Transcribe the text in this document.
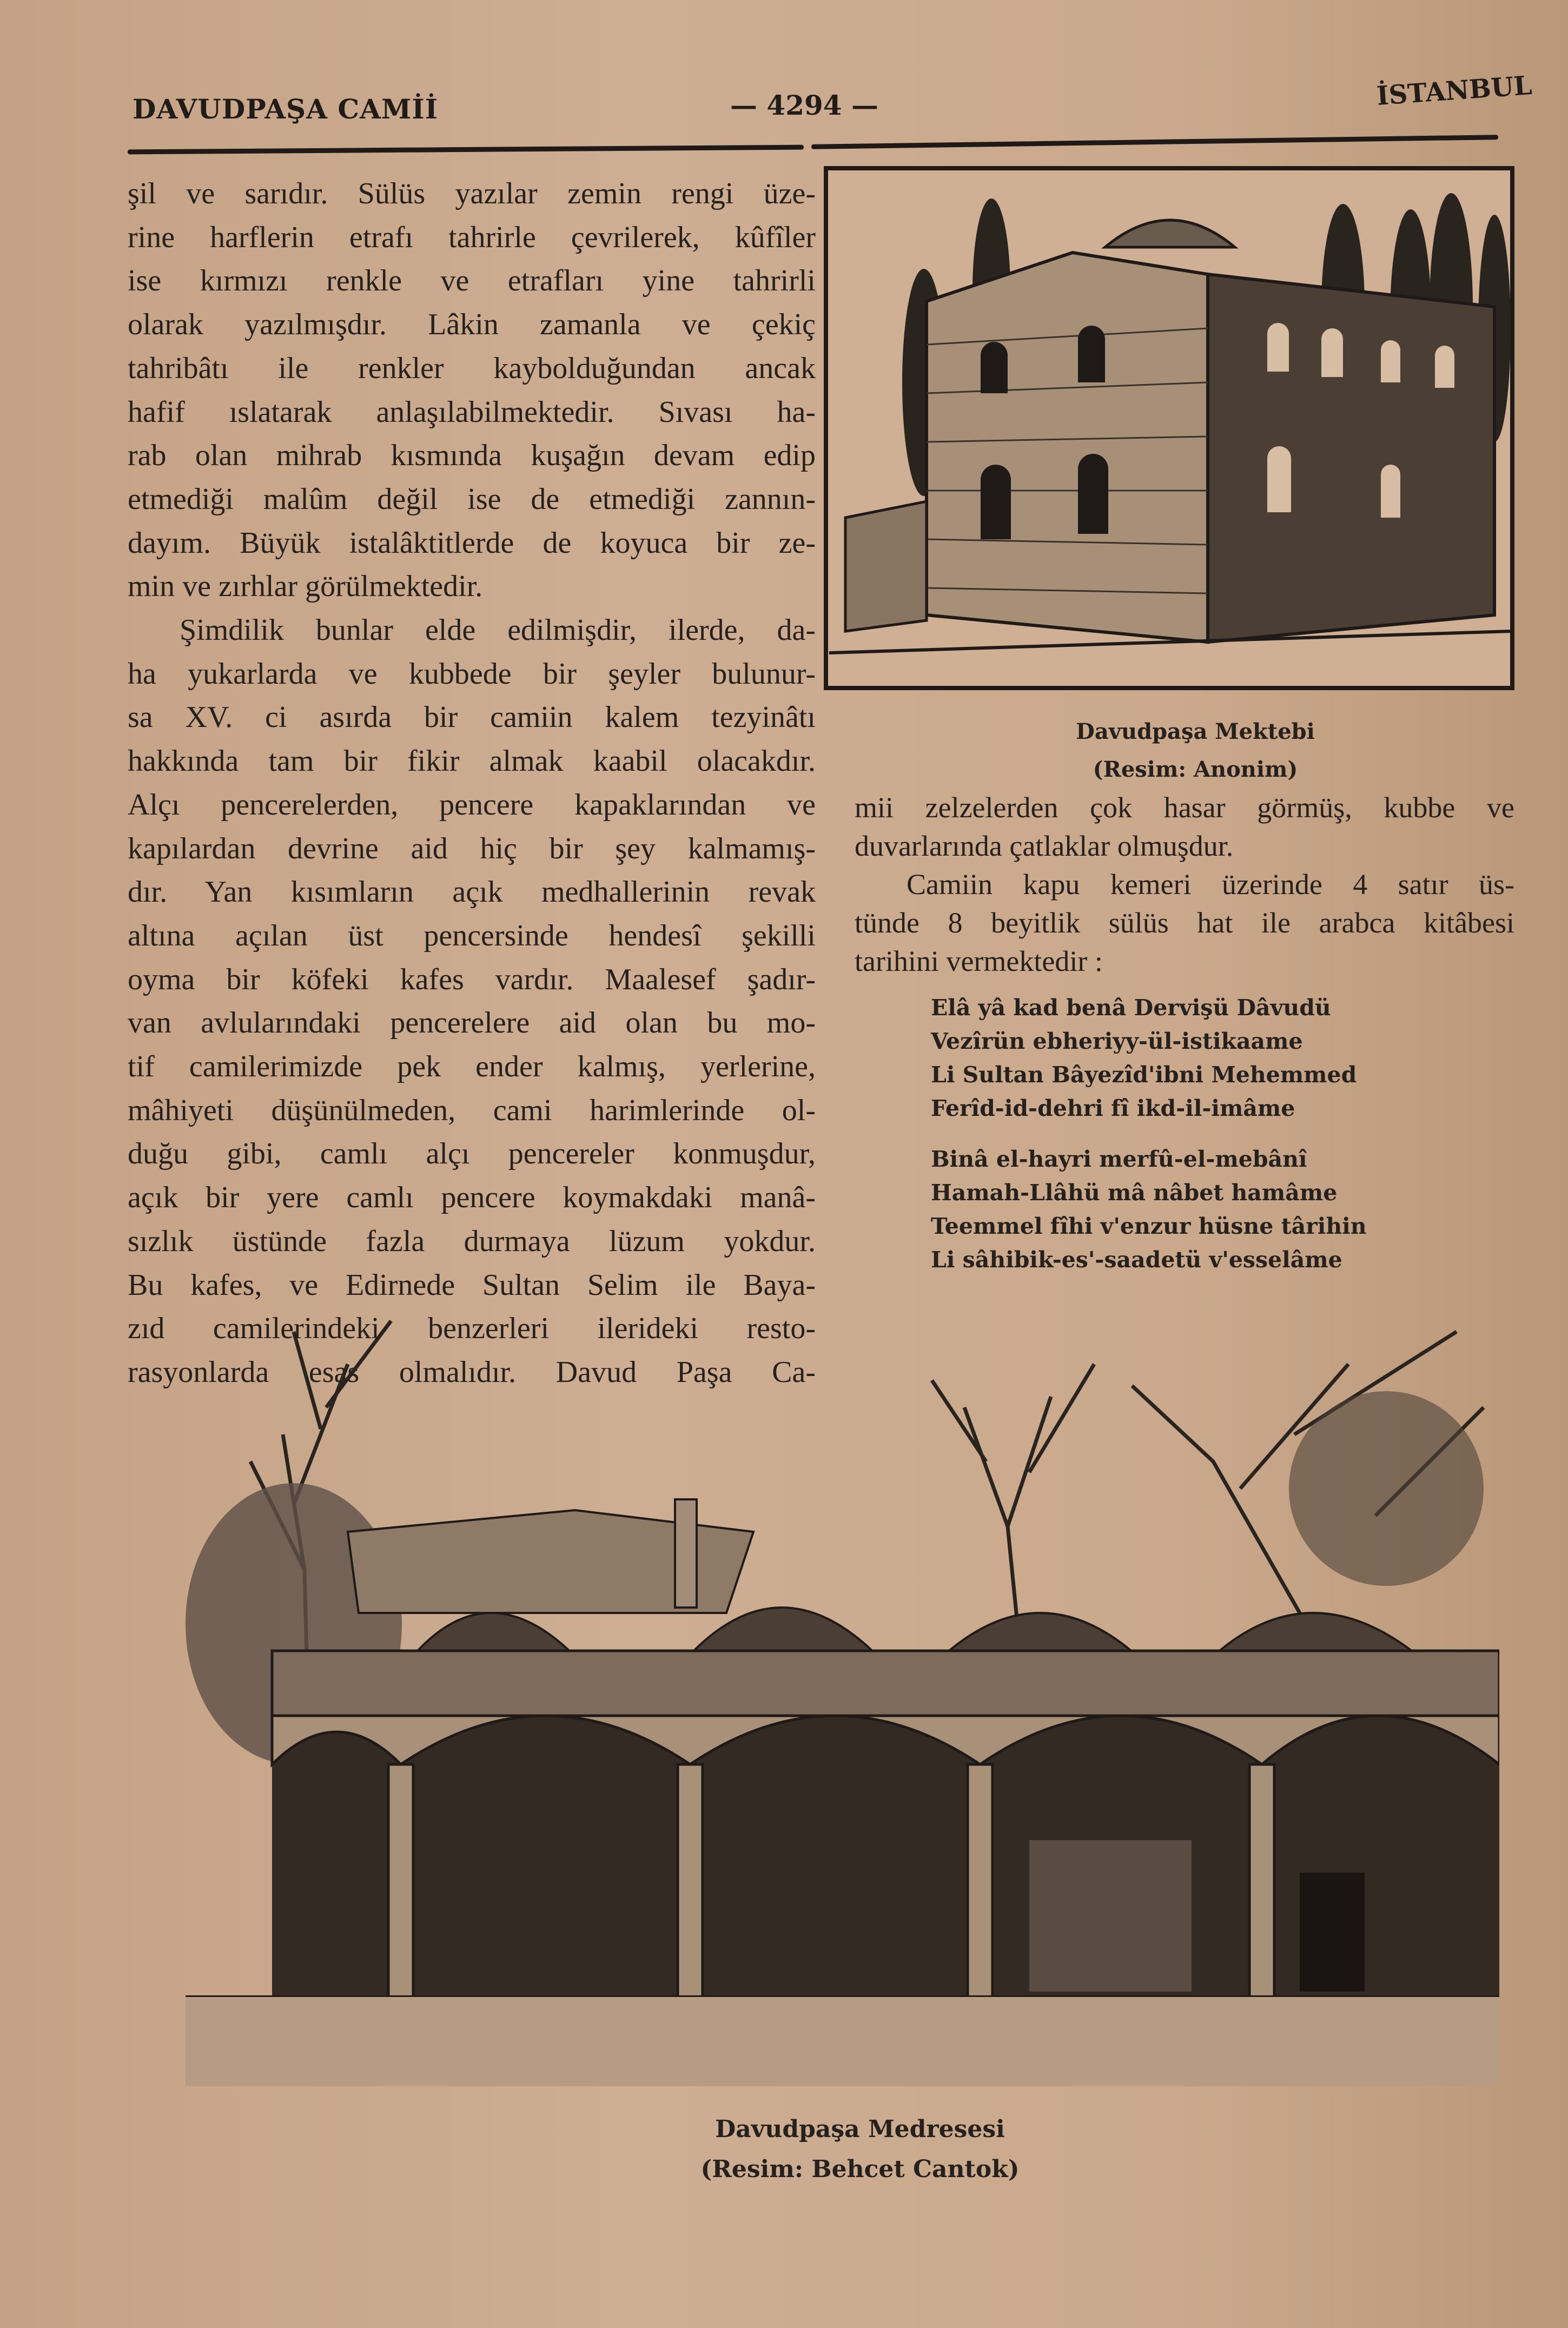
DAVUDPAŞA CAMİİ	— 4294 —	İSTANBUL
şil ve sarıdır. Sülüs yazılar zemin rengi üze-
rine harflerin etrafı tahrirle çevrilerek, kûfîler
ise kırmızı renkle ve etrafları yine tahrirli
olarak yazılmışdır. Lâkin zamanla ve çekiç
tahribâtı ile renkler kaybolduğundan ancak
hafif ıslatarak anlaşılabilmektedir. Sıvası ha-
rab olan mihrab kısmında kuşağın devam edip
etmediği malûm değil ise de etmediği zannın-
dayım. Büyük istalâktitlerde de koyuca bir ze-
min ve zırhlar görülmektedir.
Şimdilik bunlar elde edilmişdir, ilerde, da-
ha yukarlarda ve kubbede bir şeyler bulunur-
sa XV. ci asırda bir camiin kalem tezyinâtı
hakkında tam bir fikir almak kaabil olacakdır.
Alçı pencerelerden, pencere kapaklarından ve
kapılardan devrine aid hiç bir şey kalmamış-
dır. Yan kısımların açık medhallerinin revak
altına açılan üst pencersinde hendesî şekilli
oyma bir köfeki kafes vardır. Maalesef şadır-
van avlularındaki pencerelere aid olan bu mo-
tif camilerimizde pek ender kalmış, yerlerine,
mâhiyeti düşünülmeden, cami harimlerinde ol-
duğu gibi, camlı alçı pencereler konmuşdur,
açık bir yere camlı pencere koymakdaki manâ-
sızlık üstünde fazla durmaya lüzum yokdur.
Bu kafes, ve Edirnede Sultan Selim ile Baya-
zıd camilerindeki benzerleri ilerideki resto-
rasyonlarda esas olmalıdır. Davud Paşa Ca-
Davudpaşa Mektebi
(Resim: Anonim)
mii zelzelerden çok hasar görmüş, kubbe ve
duvarlarında çatlaklar olmuşdur.
Camiin kapu kemeri üzerinde 4 satır üs-
tünde 8 beyitlik sülüs hat ile arabca kitâbesi
tarihini vermektedir :
Elâ yâ kad benâ Dervişü Dâvudü
Vezîrün ebheriyy-ül-istikaame
Li Sultan Bâyezîd'ibni Mehemmed
Ferîd-id-dehri fî ikd-il-imâme
Binâ el-hayri merfû-el-mebânî
Hamah-Llâhü mâ nâbet hamâme
Teemmel fîhi v'enzur hüsne târihin
Li sâhibik-es'-saadetü v'esselâme
Davudpaşa Medresesi
(Resim: Behcet Cantok)
